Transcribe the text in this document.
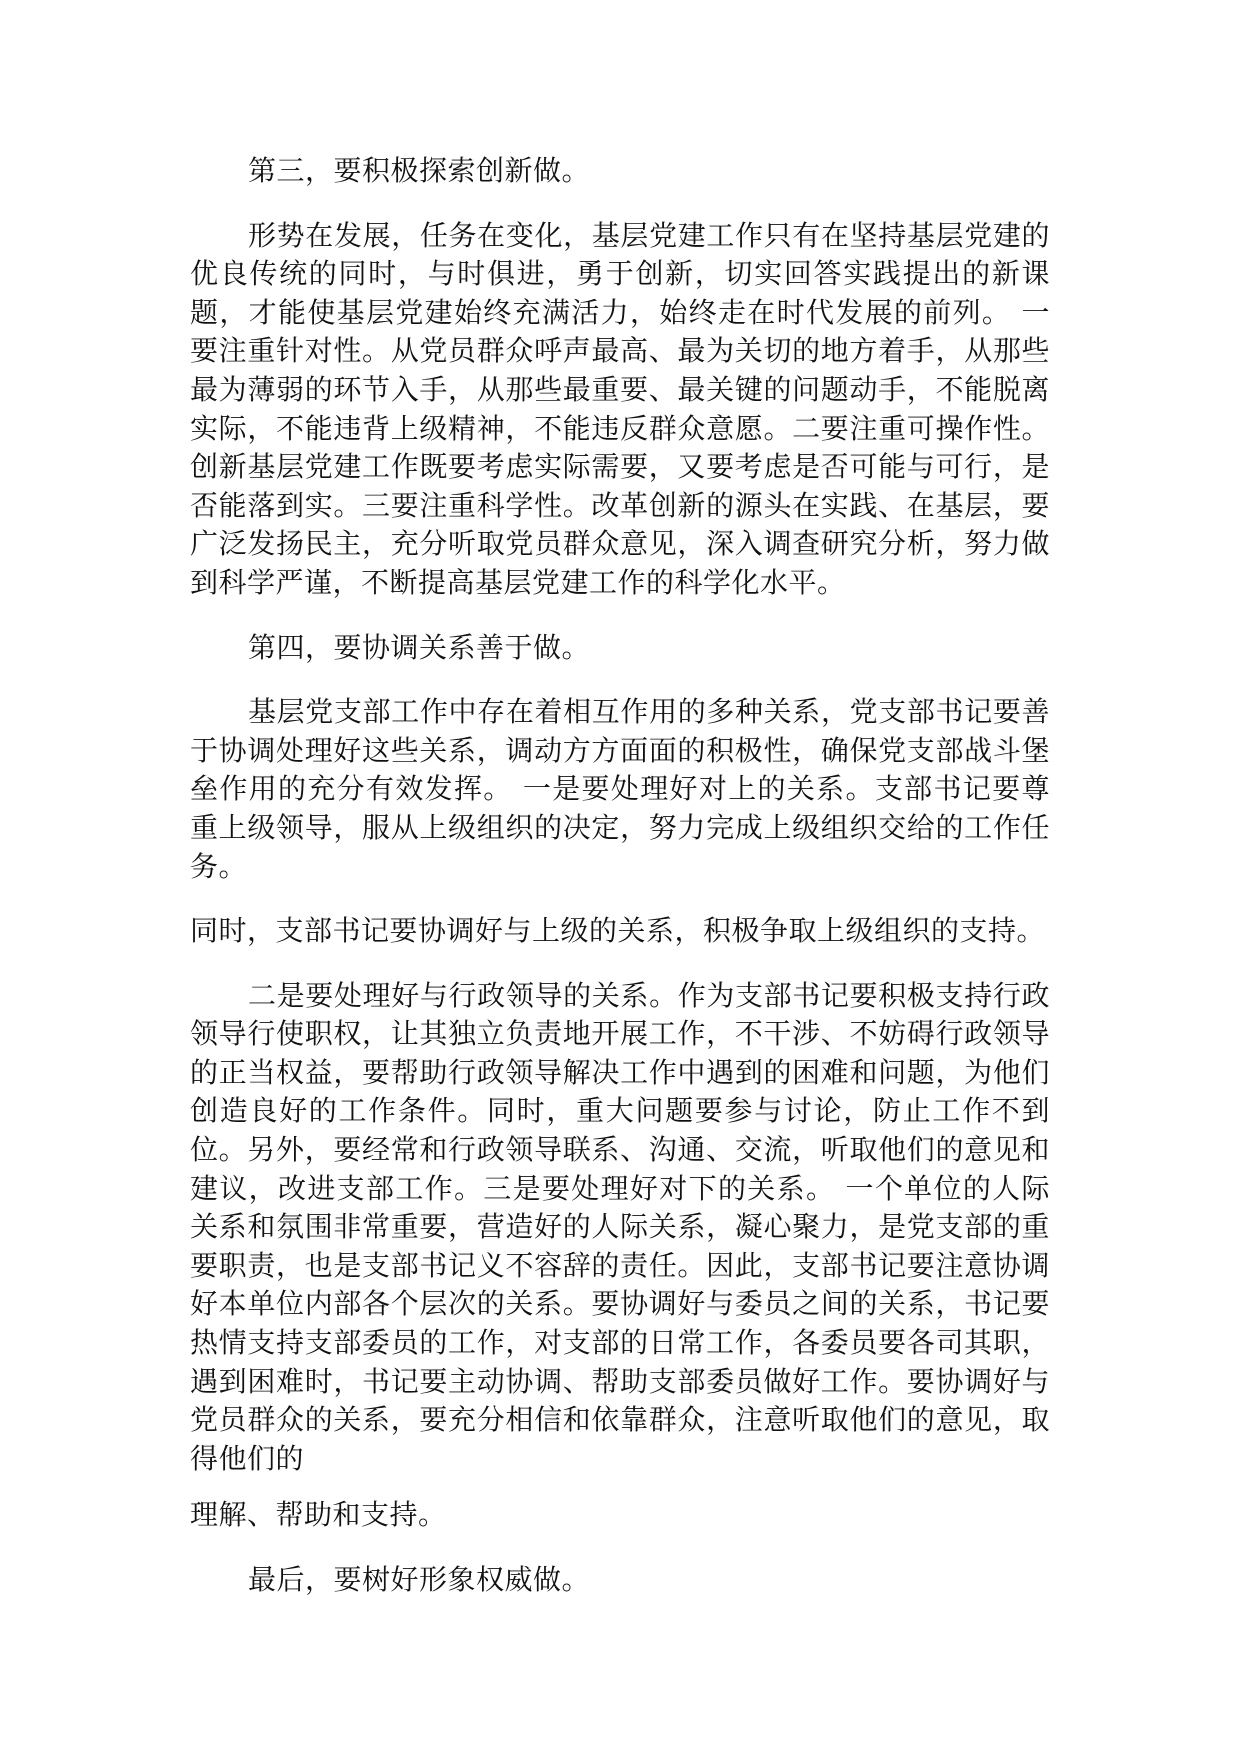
第三，要积极探索创新做。

形势在发展，任务在变化，基层党建工作只有在坚持基层党建的优良传统的同时，与时俱进，勇于创新，切实回答实践提出的新课题，才能使基层党建始终充满活力，始终走在时代发展的前列。 一要注重针对性。从党员群众呼声最高、最为关切的地方着手，从那些最为薄弱的环节入手，从那些最重要、最关键的问题动手，不能脱离实际，不能违背上级精神，不能违反群众意愿。二要注重可操作性。创新基层党建工作既要考虑实际需要，又要考虑是否可能与可行，是否能落到实。三要注重科学性。改革创新的源头在实践、在基层，要广泛发扬民主，充分听取党员群众意见，深入调查研究分析，努力做到科学严谨，不断提高基层党建工作的科学化水平。

第四，要协调关系善于做。

基层党支部工作中存在着相互作用的多种关系，党支部书记要善于协调处理好这些关系，调动方方面面的积极性，确保党支部战斗堡垒作用的充分有效发挥。 一是要处理好对上的关系。支部书记要尊重上级领导，服从上级组织的决定，努力完成上级组织交给的工作任务。

同时，支部书记要协调好与上级的关系，积极争取上级组织的支持。

二是要处理好与行政领导的关系。作为支部书记要积极支持行政领导行使职权，让其独立负责地开展工作，不干涉、不妨碍行政领导的正当权益，要帮助行政领导解决工作中遇到的困难和问题，为他们创造良好的工作条件。同时，重大问题要参与讨论，防止工作不到位。另外，要经常和行政领导联系、沟通、交流，听取他们的意见和建议，改进支部工作。三是要处理好对下的关系。 一个单位的人际关系和氛围非常重要，营造好的人际关系，凝心聚力，是党支部的重要职责，也是支部书记义不容辞的责任。因此，支部书记要注意协调好本单位内部各个层次的关系。要协调好与委员之间的关系，书记要热情支持支部委员的工作，对支部的日常工作，各委员要各司其职，遇到困难时，书记要主动协调、帮助支部委员做好工作。要协调好与党员群众的关系，要充分相信和依靠群众，注意听取他们的意见，取得他们的

理解、帮助和支持。

最后，要树好形象权威做。
